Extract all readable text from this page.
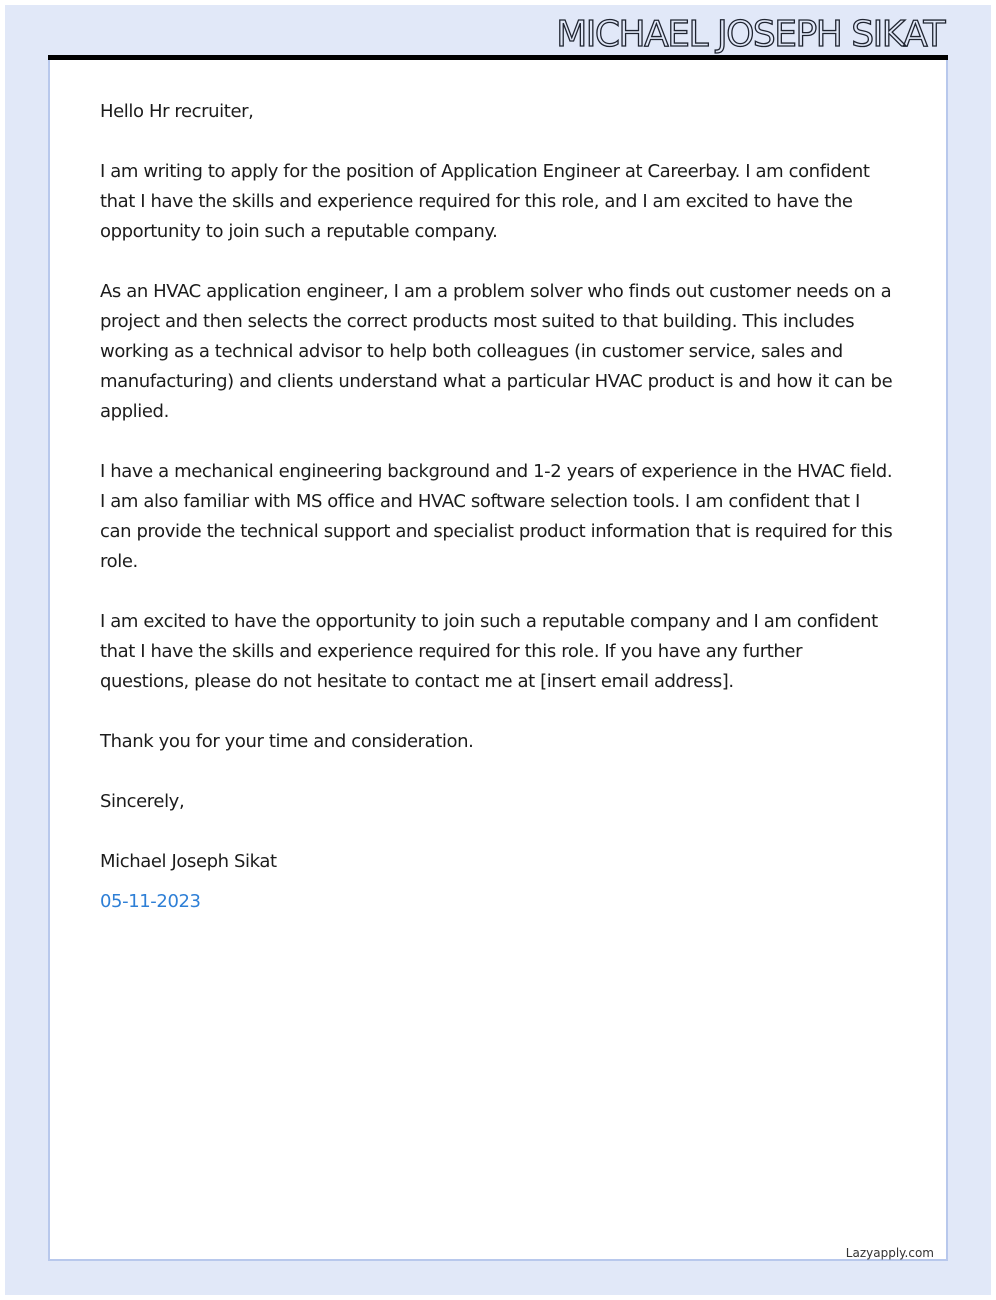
MICHAEL JOSEPH SIKAT

Hello Hr recruiter,

I am writing to apply for the position of Application Engineer at Careerbay. I am confident that I have the skills and experience required for this role, and I am excited to have the opportunity to join such a reputable company.

As an HVAC application engineer, I am a problem solver who finds out customer needs on a project and then selects the correct products most suited to that building. This includes working as a technical advisor to help both colleagues (in customer service, sales and manufacturing) and clients understand what a particular HVAC product is and how it can be applied.

I have a mechanical engineering background and 1-2 years of experience in the HVAC field. I am also familiar with MS office and HVAC software selection tools. I am confident that I can provide the technical support and specialist product information that is required for this role.

I am excited to have the opportunity to join such a reputable company and I am confident that I have the skills and experience required for this role. If you have any further questions, please do not hesitate to contact me at [insert email address].

Thank you for your time and consideration.

Sincerely,

Michael Joseph Sikat

05-11-2023

Lazyapply.com
